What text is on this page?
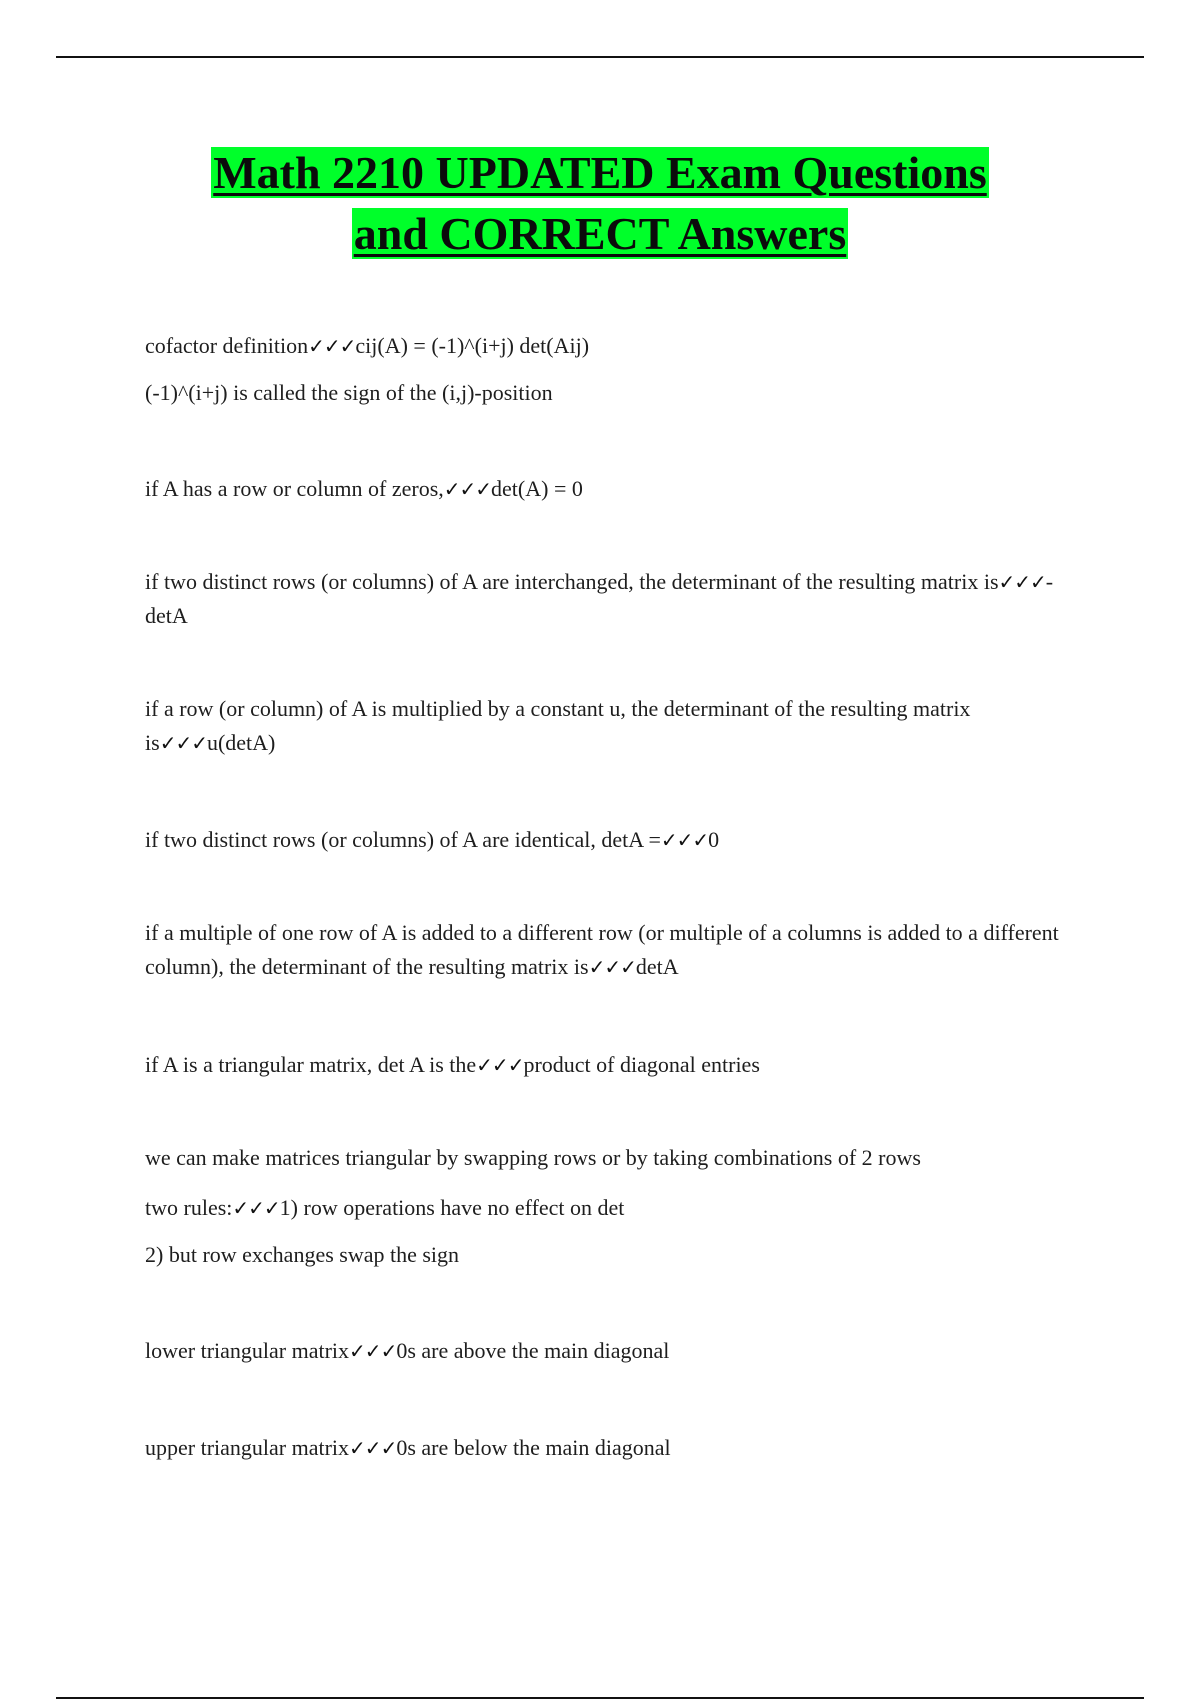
Math 2210 UPDATED Exam Questions
and CORRECT Answers

cofactor definition✓✓✓cij(A) = (-1)^(i+j) det(Aij)

(-1)^(i+j) is called the sign of the (i,j)-position

if A has a row or column of zeros,✓✓✓det(A) = 0

if two distinct rows (or columns) of A are interchanged, the determinant of the resulting matrix is✓✓✓-detA

if a row (or column) of A is multiplied by a constant u, the determinant of the resulting matrix is✓✓✓u(detA)

if two distinct rows (or columns) of A are identical, detA =✓✓✓0

if a multiple of one row of A is added to a different row (or multiple of a columns is added to a different column), the determinant of the resulting matrix is✓✓✓detA

if A is a triangular matrix, det A is the✓✓✓product of diagonal entries

we can make matrices triangular by swapping rows or by taking combinations of 2 rows

two rules:✓✓✓1) row operations have no effect on det

2) but row exchanges swap the sign

lower triangular matrix✓✓✓0s are above the main diagonal

upper triangular matrix✓✓✓0s are below the main diagonal
